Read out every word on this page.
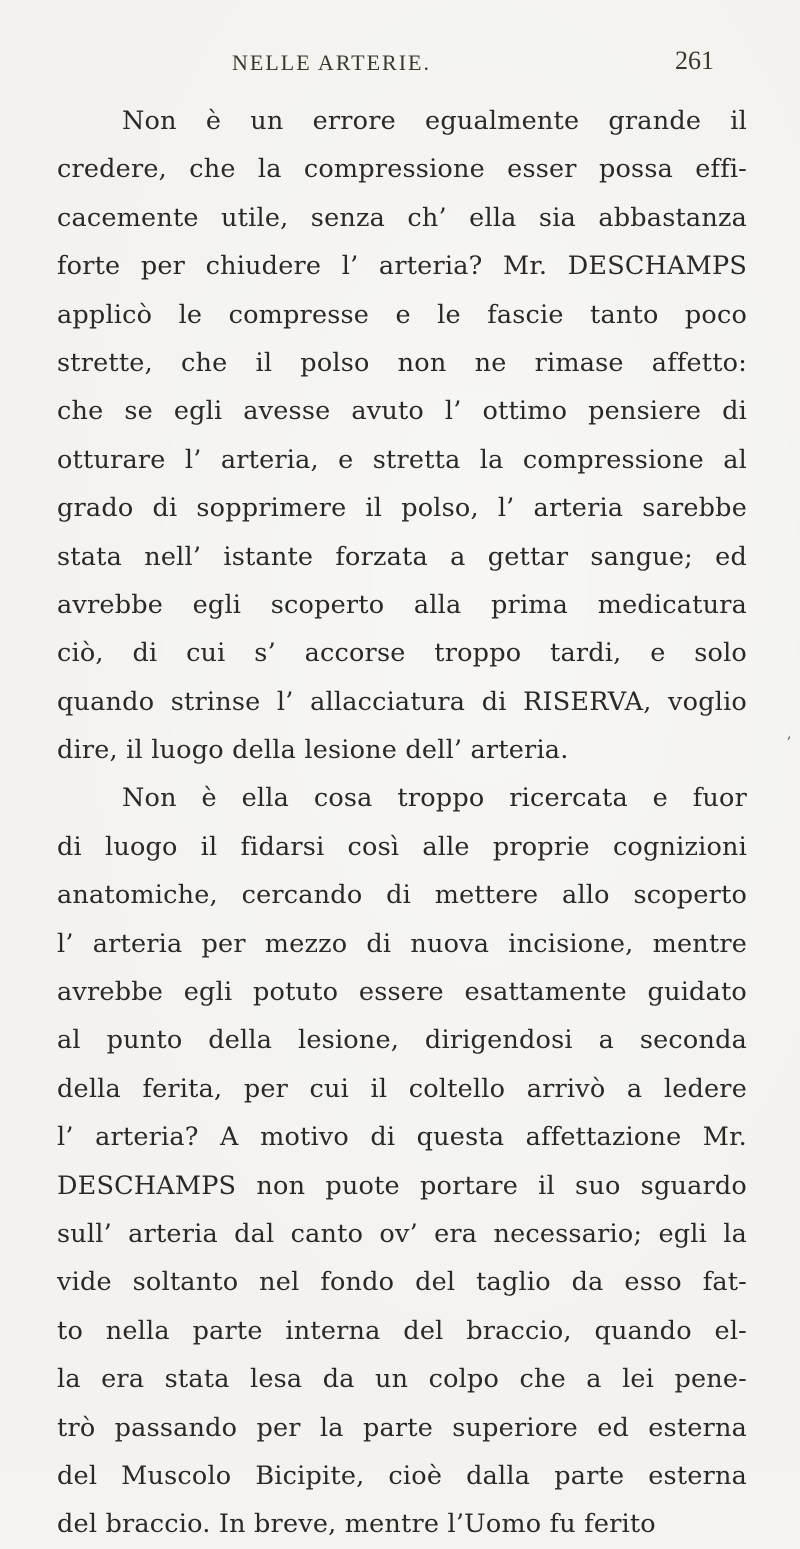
NELLE ARTERIE.	261
Non è un errore egualmente grande il
credere, che la compressione esser possa effi-
cacemente utile, senza ch’ ella sia abbastanza
forte per chiudere l’ arteria? Mr. DESCHAMPS
applicò le compresse e le fascie tanto poco
strette, che il polso non ne rimase affetto:
che se egli avesse avuto l’ ottimo pensiere di
otturare l’ arteria, e stretta la compressione al
grado di sopprimere il polso, l’ arteria sarebbe
stata nell’ istante forzata a gettar sangue; ed
avrebbe egli scoperto alla prima medicatura
ciò, di cui s’ accorse troppo tardi, e solo
quando strinse l’ allacciatura di RISERVA, voglio
dire, il luogo della lesione dell’ arteria.
Non è ella cosa troppo ricercata e fuor
di luogo il fidarsi così alle proprie cognizioni
anatomiche, cercando di mettere allo scoperto
l’ arteria per mezzo di nuova incisione, mentre
avrebbe egli potuto essere esattamente guidato
al punto della lesione, dirigendosi a seconda
della ferita, per cui il coltello arrivò a ledere
l’ arteria? A motivo di questa affettazione Mr.
DESCHAMPS non puote portare il suo sguardo
sull’ arteria dal canto ov’ era necessario; egli la
vide soltanto nel fondo del taglio da esso fat-
to nella parte interna del braccio, quando el-
la era stata lesa da un colpo che a lei pene-
trò passando per la parte superiore ed esterna
del Muscolo Bicipite, cioè dalla parte esterna
del braccio. In breve, mentre l’Uomo fu ferito
,
